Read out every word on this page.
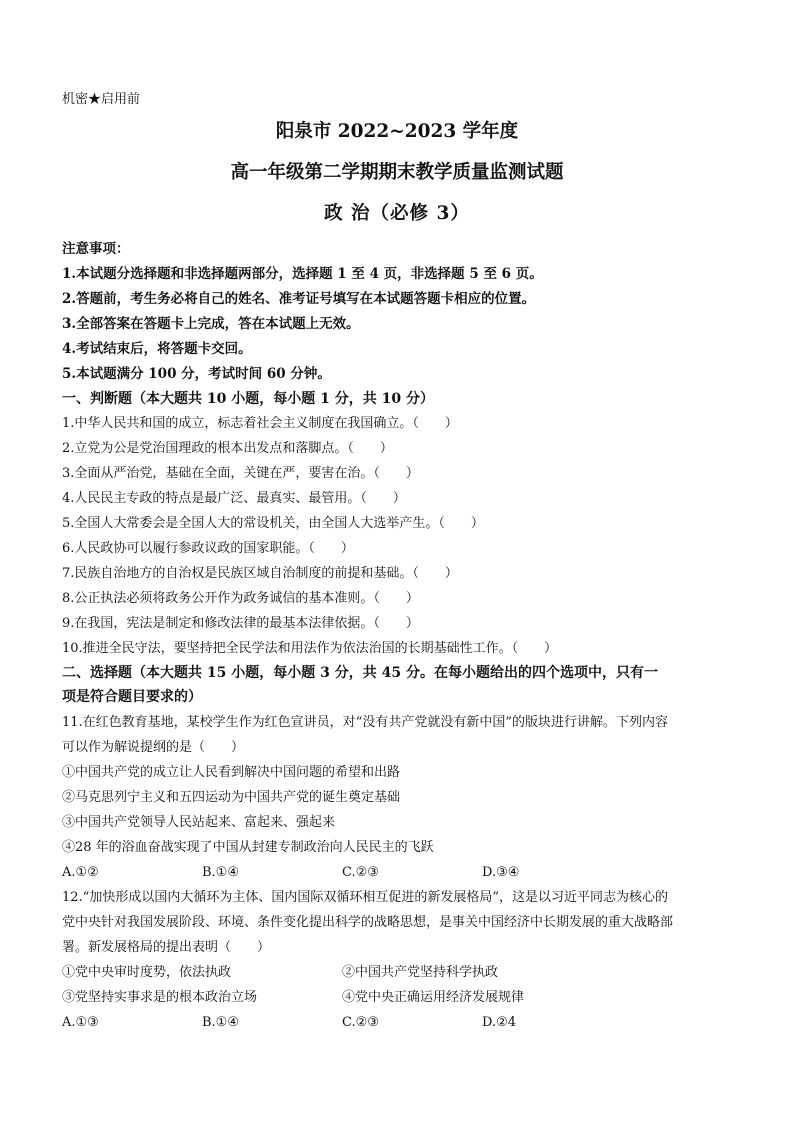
机密★启用前
阳泉市 2022~2023 学年度
高一年级第二学期期末教学质量监测试题
政 治（必修 3）
注意事项：
1.本试题分选择题和非选择题两部分，选择题 1 至 4 页，非选择题 5 至 6 页。
2.答题前，考生务必将自己的姓名、准考证号填写在本试题答题卡相应的位置。
3.全部答案在答题卡上完成，答在本试题上无效。
4.考试结束后，将答题卡交回。
5.本试题满分 100 分，考试时间 60 分钟。
一、判断题（本大题共 10 小题，每小题 1 分，共 10 分）
1.中华人民共和国的成立，标志着社会主义制度在我国确立。（　　）
2.立党为公是党治国理政的根本出发点和落脚点。（　　）
3.全面从严治党，基础在全面，关键在严，要害在治。（　　）
4.人民民主专政的特点是最广泛、最真实、最管用。（　　）
5.全国人大常委会是全国人大的常设机关，由全国人大选举产生。（　　）
6.人民政协可以履行参政议政的国家职能。（　　）
7.民族自治地方的自治权是民族区域自治制度的前提和基础。（　　）
8.公正执法必须将政务公开作为政务诚信的基本准则。（　　）
9.在我国，宪法是制定和修改法律的最基本法律依据。（　　）
10.推进全民守法，要坚持把全民学法和用法作为依法治国的长期基础性工作。（　　）
二、选择题（本大题共 15 小题，每小题 3 分，共 45 分。在每小题给出的四个选项中，只有一
项是符合题目要求的）
11.在红色教育基地，某校学生作为红色宣讲员，对“没有共产党就没有新中国”的版块进行讲解。下列内容
可以作为解说提纲的是（　　）
①中国共产党的成立让人民看到解决中国问题的希望和出路
②马克思列宁主义和五四运动为中国共产党的诞生奠定基础
③中国共产党领导人民站起来、富起来、强起来
④28 年的浴血奋战实现了中国从封建专制政治向人民民主的飞跃
A.①②	B.①④	C.②③	D.③④
12.“加快形成以国内大循环为主体、国内国际双循环相互促进的新发展格局”，这是以习近平同志为核心的
党中央针对我国发展阶段、环境、条件变化提出科学的战略思想，是事关中国经济中长期发展的重大战略部
署。新发展格局的提出表明（　　）
①党中央审时度势，依法执政	②中国共产党坚持科学执政
③党坚持实事求是的根本政治立场	④党中央正确运用经济发展规律
A.①③	B.①④	C.②③	D.②4
